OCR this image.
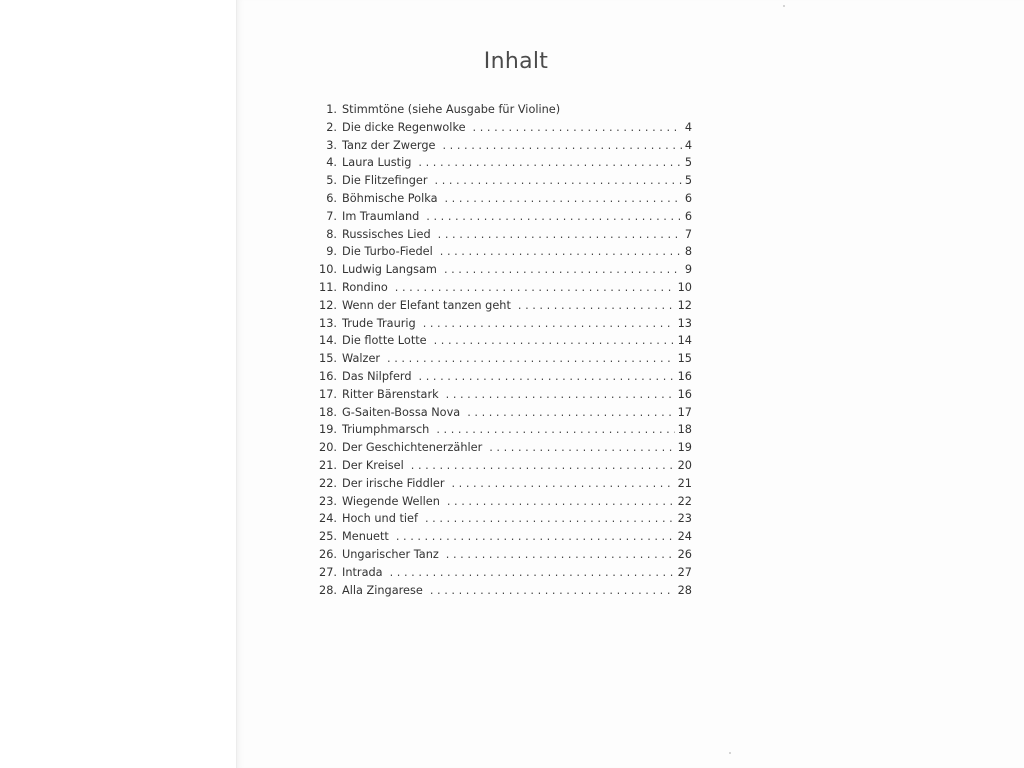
Inhalt
1. Stimmtöne (siehe Ausgabe für Violine)
2. Die dicke Regenwolke . . .	4
3. Tanz der Zwerge . . .	4
4. Laura Lustig . . .	5
5. Die Flitzefinger . . .	5
6. Böhmische Polka . . .	6
7. Im Traumland . . .	6
8. Russisches Lied . . .	7
9. Die Turbo-Fiedel . . .	8
10. Ludwig Langsam . . .	9
11. Rondino . . .	10
12. Wenn der Elefant tanzen geht . . .	12
13. Trude Traurig . . .	13
14. Die flotte Lotte . . .	14
15. Walzer . . .	15
16. Das Nilpferd . . .	16
17. Ritter Bärenstark . . .	16
18. G-Saiten-Bossa Nova . . .	17
19. Triumphmarsch . . .	18
20. Der Geschichtenerzähler . . .	19
21. Der Kreisel . . .	20
22. Der irische Fiddler . . .	21
23. Wiegende Wellen . . .	22
24. Hoch und tief . . .	23
25. Menuett . . .	24
26. Ungarischer Tanz . . .	26
27. Intrada . . .	27
28. Alla Zingarese . . .	28
